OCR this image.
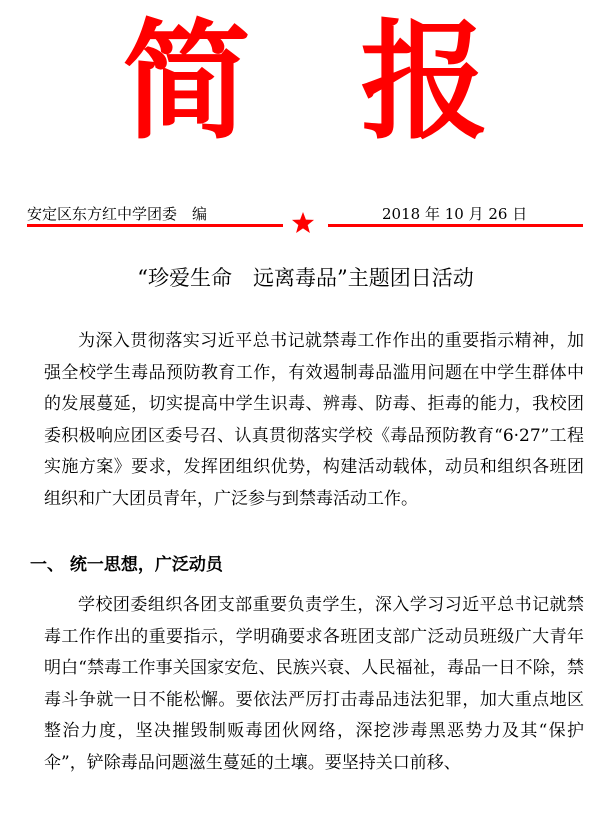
简 报
安定区东方红中学团委　编	2018 年 10 月 26 日
“珍爱生命　远离毒品”主题团日活动

为深入贯彻落实习近平总书记就禁毒工作作出的重要指示精神，加强全校学生毒品预防教育工作，有效遏制毒品滥用问题在中学生群体中的发展蔓延，切实提高中学生识毒、辨毒、防毒、拒毒的能力，我校团委积极响应团区委号召、认真贯彻落实学校《毒品预防教育“6·27”工程实施方案》要求，发挥团组织优势，构建活动载体，动员和组织各班团组织和广大团员青年，广泛参与到禁毒活动工作。

一、 统一思想，广泛动员

学校团委组织各团支部重要负责学生，深入学习习近平总书记就禁毒工作作出的重要指示，学明确要求各班团支部广泛动员班级广大青年明白“禁毒工作事关国家安危、民族兴衰、人民福祉，毒品一日不除，禁毒斗争就一日不能松懈。要依法严厉打击毒品违法犯罪，加大重点地区整治力度，坚决摧毁制贩毒团伙网络，深挖涉毒黑恶势力及其“保护伞”，铲除毒品问题滋生蔓延的土壤。要坚持关口前移、
